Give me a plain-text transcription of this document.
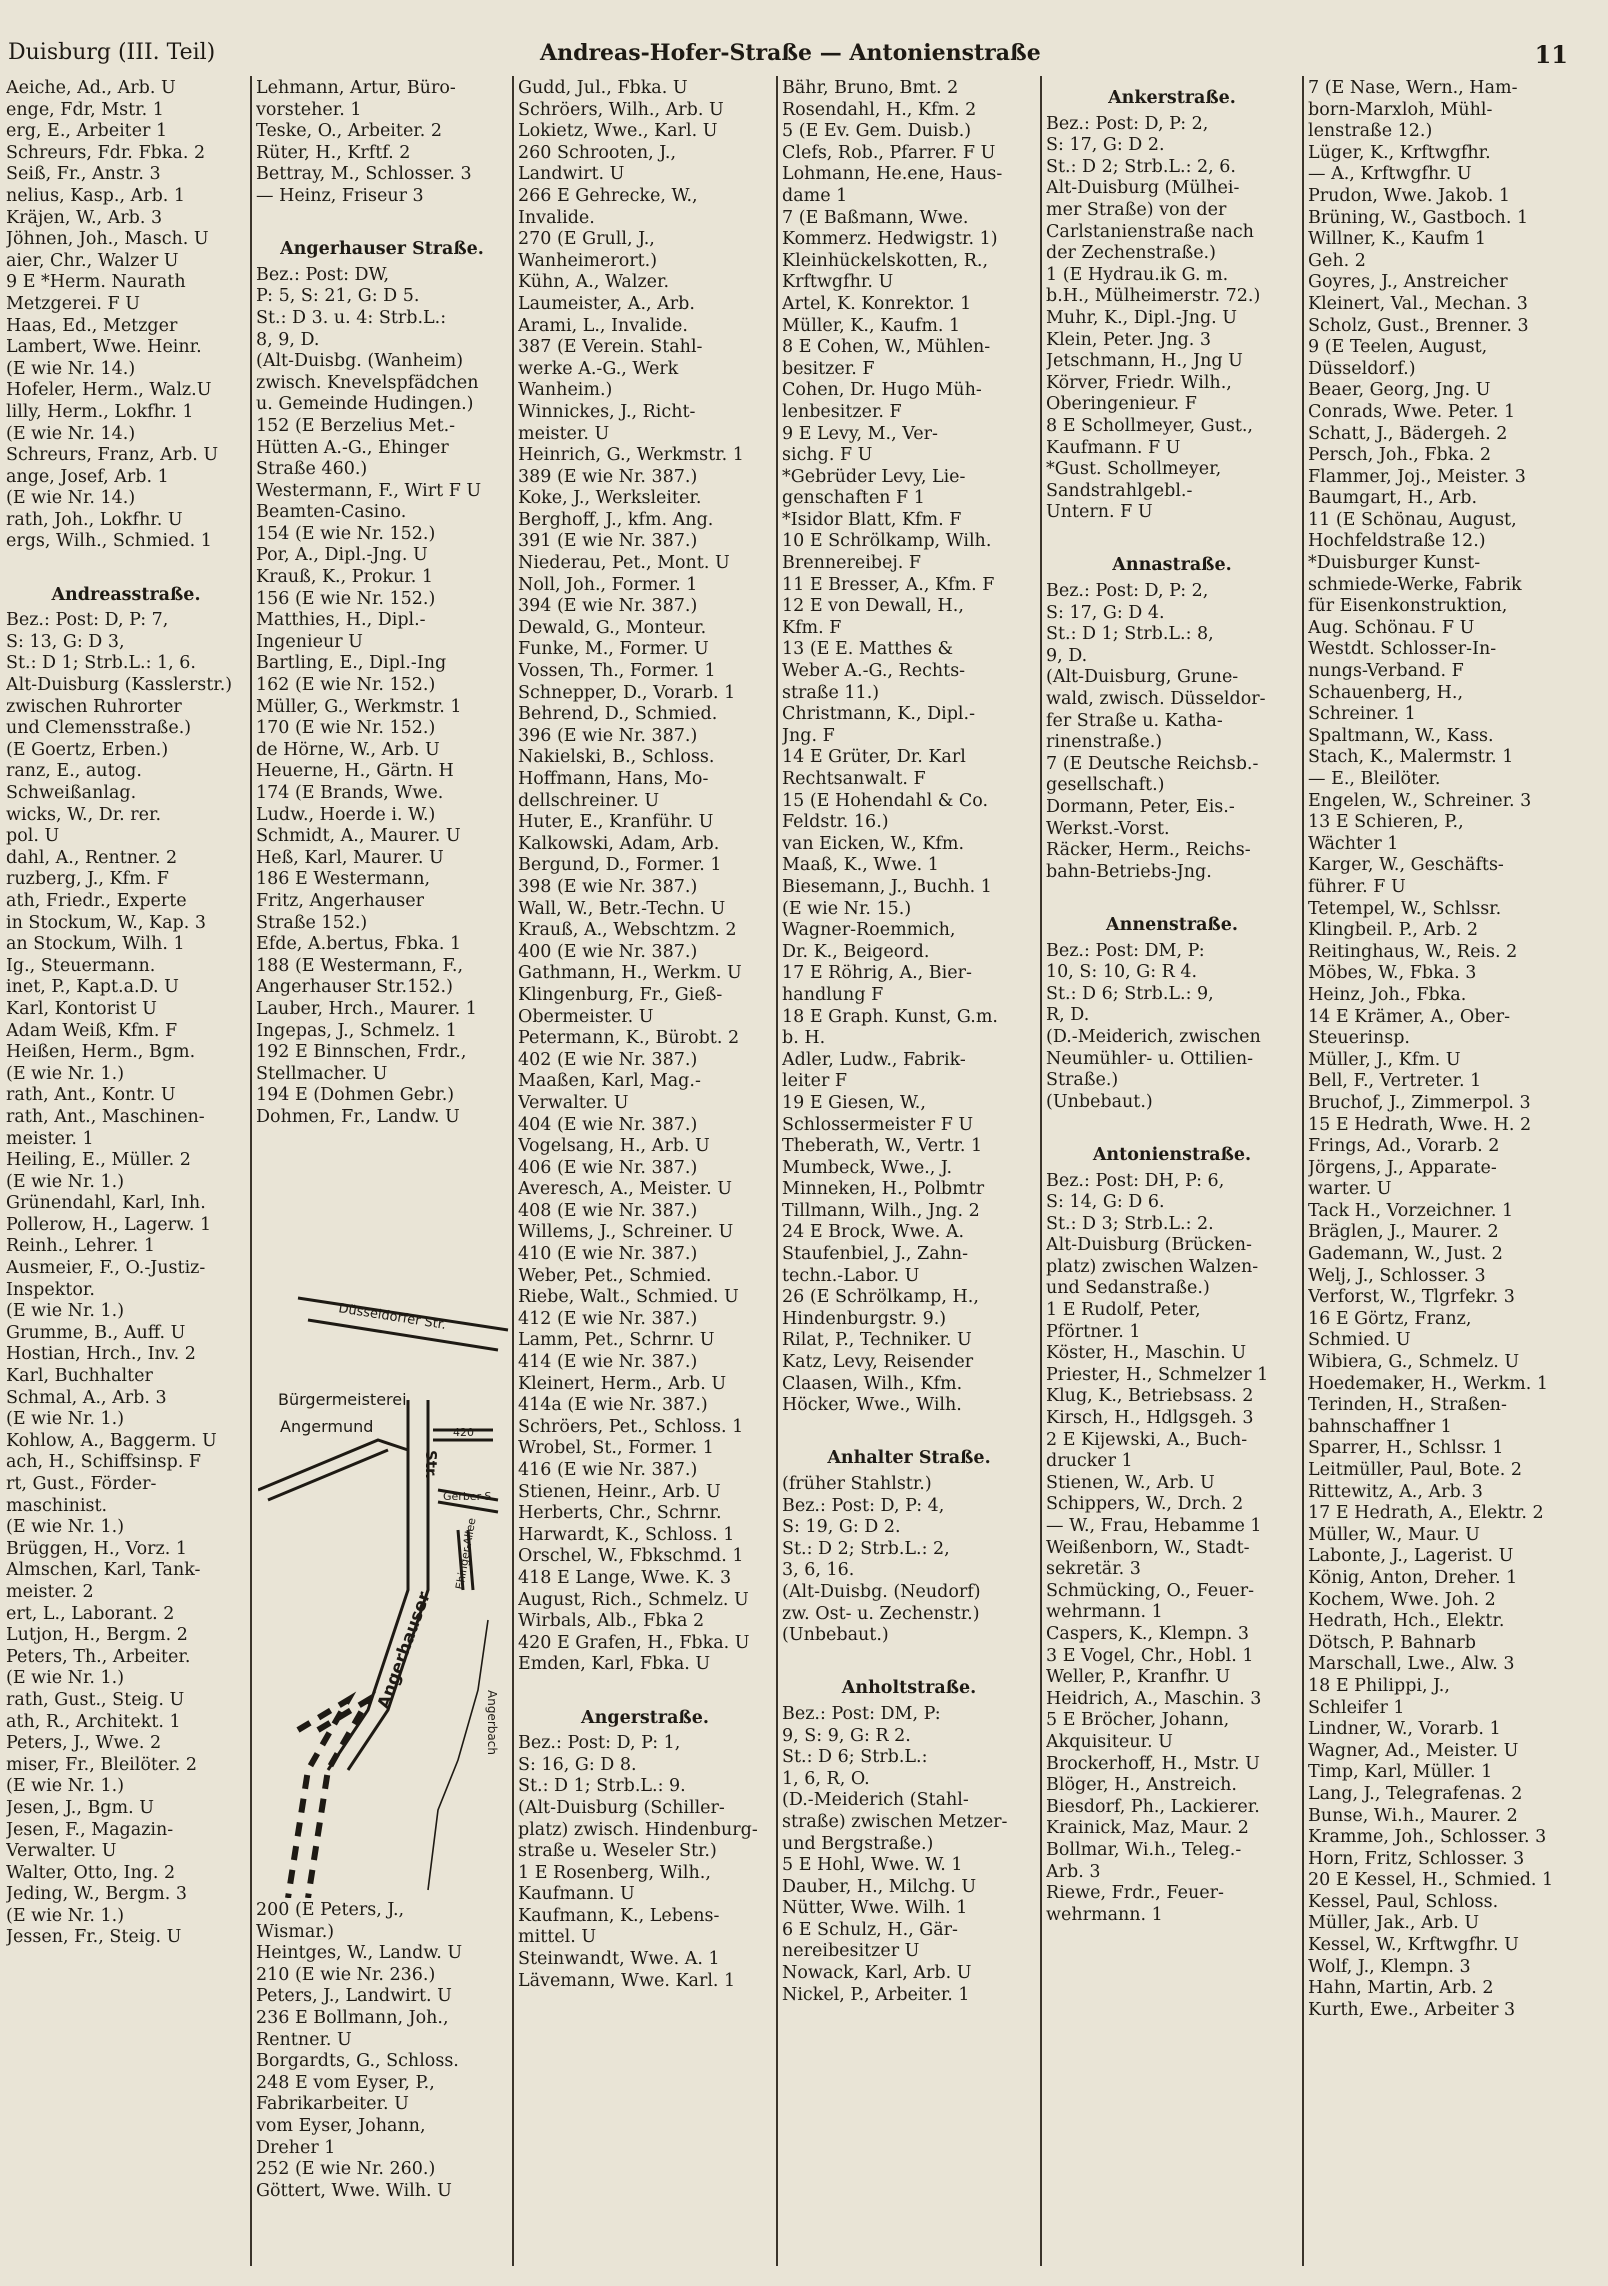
Duisburg (III. Teil)	Andreas-Hofer-Straße — Antonienstraße	11
Aeiche, Ad., Arb. U
enge, Fdr, Mstr. 1
erg, E., Arbeiter 1
Schreurs, Fdr. Fbka. 2
Seiß, Fr., Anstr. 3
nelius, Kasp., Arb. 1
Kräjen, W., Arb. 3
Jöhnen, Joh., Masch. U
aier, Chr., Walzer U
9 E *Herm. Naurath
Metzgerei. F U
Haas, Ed., Metzger
Lambert, Wwe. Heinr.
(E wie Nr. 14.)
Hofeler, Herm., Walz.U
lilly, Herm., Lokfhr. 1
(E wie Nr. 14.)
Schreurs, Franz, Arb. U
ange, Josef, Arb. 1
(E wie Nr. 14.)
rath, Joh., Lokfhr. U
ergs, Wilh., Schmied. 1

Andreasstraße.
Bez.: Post: D, P: 7,
S: 13, G: D 3,
St.: D 1; Strb.L.: 1, 6.
Alt-Duisburg (Kasslerstr.)
zwischen Ruhrorter
und Clemensstraße.)
(E Goertz, Erben.)
ranz, E., autog.
Schweißanlag.
wicks, W., Dr. rer.
pol. U
dahl, A., Rentner. 2
ruzberg, J., Kfm. F
ath, Friedr., Experte
in Stockum, W., Kap. 3
an Stockum, Wilh. 1
Ig., Steuermann.
inet, P., Kapt.a.D. U
Karl, Kontorist U
Adam Weiß, Kfm. F
Heißen, Herm., Bgm.
(E wie Nr. 1.)
rath, Ant., Kontr. U
rath, Ant., Maschinen-
meister. 1
Heiling, E., Müller. 2
(E wie Nr. 1.)
Grünendahl, Karl, Inh.
Pollerow, H., Lagerw. 1
Reinh., Lehrer. 1
Ausmeier, F., O.-Justiz-
Inspektor.
(E wie Nr. 1.)
Grumme, B., Auff. U
Hostian, Hrch., Inv. 2
Karl, Buchhalter
Schmal, A., Arb. 3
(E wie Nr. 1.)
Kohlow, A., Baggerm. U
ach, H., Schiffsinsp. F
rt, Gust., Förder-
maschinist.
(E wie Nr. 1.)
Brüggen, H., Vorz. 1
Almschen, Karl, Tank-
meister. 2
ert, L., Laborant. 2
Lutjon, H., Bergm. 2
Peters, Th., Arbeiter.
(E wie Nr. 1.)
rath, Gust., Steig. U
ath, R., Architekt. 1
Peters, J., Wwe. 2
miser, Fr., Bleilöter. 2
(E wie Nr. 1.)
Jesen, J., Bgm. U
Jesen, F., Magazin-
Verwalter. U
Walter, Otto, Ing. 2
Jeding, W., Bergm. 3
(E wie Nr. 1.)
Jessen, Fr., Steig. U
Lehmann, Artur, Büro-
vorsteher. 1
Teske, O., Arbeiter. 2
Rüter, H., Krftf. 2
Bettray, M., Schlosser. 3
— Heinz, Friseur 3

Angerhauser Straße.
Bez.: Post: DW,
P: 5, S: 21, G: D 5.
St.: D 3. u. 4: Strb.L.:
8, 9, D.
(Alt-Duisbg. (Wanheim)
zwisch. Knevelspfädchen
u. Gemeinde Hudingen.)
152 (E Berzelius Met.-
Hütten A.-G., Ehinger
Straße 460.)
Westermann, F., Wirt F U
Beamten-Casino.
154 (E wie Nr. 152.)
Por, A., Dipl.-Jng. U
Krauß, K., Prokur. 1
156 (E wie Nr. 152.)
Matthies, H., Dipl.-
Ingenieur U
Bartling, E., Dipl.-Ing
162 (E wie Nr. 152.)
Müller, G., Werkmstr. 1
170 (E wie Nr. 152.)
de Hörne, W., Arb. U
Heuerne, H., Gärtn. H
174 (E Brands, Wwe.
Ludw., Hoerde i. W.)
Schmidt, A., Maurer. U
Heß, Karl, Maurer. U
186 E Westermann,
Fritz, Angerhauser
Straße 152.)
Efde, A.bertus, Fbka. 1
188 (E Westermann, F.,
Angerhauser Str.152.)
Lauber, Hrch., Maurer. 1
Ingepas, J., Schmelz. 1
192 E Binnschen, Frdr.,
Stellmacher. U
194 E (Dohmen Gebr.)
Dohmen, Fr., Landw. U
Gudd, Jul., Fbka. U
Schröers, Wilh., Arb. U
Lokietz, Wwe., Karl. U
260 Schrooten, J.,
Landwirt. U
266 E Gehrecke, W.,
Invalide.
270 (E Grull, J.,
Wanheimerort.)
Kühn, A., Walzer.
Laumeister, A., Arb.
Arami, L., Invalide.
387 (E Verein. Stahl-
werke A.-G., Werk
Wanheim.)
Winnickes, J., Richt-
meister. U
Heinrich, G., Werkmstr. 1
389 (E wie Nr. 387.)
Koke, J., Werksleiter.
Berghoff, J., kfm. Ang.
391 (E wie Nr. 387.)
Niederau, Pet., Mont. U
Noll, Joh., Former. 1
394 (E wie Nr. 387.)
Dewald, G., Monteur.
Funke, M., Former. U
Vossen, Th., Former. 1
Schnepper, D., Vorarb. 1
Behrend, D., Schmied.
396 (E wie Nr. 387.)
Nakielski, B., Schloss.
Hoffmann, Hans, Mo-
dellschreiner. U
Huter, E., Kranführ. U
Kalkowski, Adam, Arb.
Bergund, D., Former. 1
398 (E wie Nr. 387.)
Wall, W., Betr.-Techn. U
Krauß, A., Webschtzm. 2
400 (E wie Nr. 387.)
Gathmann, H., Werkm. U
Klingenburg, Fr., Gieß-
Obermeister. U
Petermann, K., Bürobt. 2
402 (E wie Nr. 387.)
Maaßen, Karl, Mag.-
Verwalter. U
404 (E wie Nr. 387.)
Vogelsang, H., Arb. U
406 (E wie Nr. 387.)
Averesch, A., Meister. U
408 (E wie Nr. 387.)
Willems, J., Schreiner. U
410 (E wie Nr. 387.)
Weber, Pet., Schmied.
Riebe, Walt., Schmied. U
412 (E wie Nr. 387.)
Lamm, Pet., Schrnr. U
414 (E wie Nr. 387.)
Kleinert, Herm., Arb. U
414a (E wie Nr. 387.)
Schröers, Pet., Schloss. 1
Wrobel, St., Former. 1
416 (E wie Nr. 387.)
Stienen, Heinr., Arb. U
Herberts, Chr., Schrnr.
Harwardt, K., Schloss. 1
Orschel, W., Fbkschmd. 1
418 E Lange, Wwe. K. 3
August, Rich., Schmelz. U
Wirbals, Alb., Fbka 2
420 E Grafen, H., Fbka. U
Emden, Karl, Fbka. U

Angerstraße.
Bez.: Post: D, P: 1,
S: 16, G: D 8.
St.: D 1; Strb.L.: 9.
(Alt-Duisburg (Schiller-
platz) zwisch. Hindenburg-
straße u. Weseler Str.)
1 E Rosenberg, Wilh.,
Kaufmann. U
Kaufmann, K., Lebens-
mittel. U
Steinwandt, Wwe. A. 1
Lävemann, Wwe. Karl. 1
Bähr, Bruno, Bmt. 2
Rosendahl, H., Kfm. 2
5 (E Ev. Gem. Duisb.)
Clefs, Rob., Pfarrer. F U
Lohmann, He.ene, Haus-
dame 1
7 (E Baßmann, Wwe.
Kommerz. Hedwigstr. 1)
Kleinhückelskotten, R.,
Krftwgfhr. U
Artel, K. Konrektor. 1
Müller, K., Kaufm. 1
8 E Cohen, W., Mühlen-
besitzer. F
Cohen, Dr. Hugo Müh-
lenbesitzer. F
9 E Levy, M., Ver-
sichg. F U
*Gebrüder Levy, Lie-
genschaften F 1
*Isidor Blatt, Kfm. F
10 E Schrölkamp, Wilh.
Brennereibej. F
11 E Bresser, A., Kfm. F
12 E von Dewall, H.,
Kfm. F
13 (E E. Matthes &
Weber A.-G., Rechts-
straße 11.)
Christmann, K., Dipl.-
Jng. F
14 E Grüter, Dr. Karl
Rechtsanwalt. F
15 (E Hohendahl & Co.
Feldstr. 16.)
van Eicken, W., Kfm.
Maaß, K., Wwe. 1
Biesemann, J., Buchh. 1
(E wie Nr. 15.)
Wagner-Roemmich,
Dr. K., Beigeord.
17 E Röhrig, A., Bier-
handlung F
18 E Graph. Kunst, G.m.
b. H.
Adler, Ludw., Fabrik-
leiter F
19 E Giesen, W.,
Schlossermeister F U
Theberath, W., Vertr. 1
Mumbeck, Wwe., J.
Minneken, H., Polbmtr
Tillmann, Wilh., Jng. 2
24 E Brock, Wwe. A.
Staufenbiel, J., Zahn-
techn.-Labor. U
26 (E Schrölkamp, H.,
Hindenburgstr. 9.)
Rilat, P., Techniker. U
Katz, Levy, Reisender
Claasen, Wilh., Kfm.
Höcker, Wwe., Wilh.

Anhalter Straße.
(früher Stahlstr.)
Bez.: Post: D, P: 4,
S: 19, G: D 2.
St.: D 2; Strb.L.: 2,
3, 6, 16.
(Alt-Duisbg. (Neudorf)
zw. Ost- u. Zechenstr.)
(Unbebaut.)

Anholtstraße.
Bez.: Post: DM, P:
9, S: 9, G: R 2.
St.: D 6; Strb.L.:
1, 6, R, O.
(D.-Meiderich (Stahl-
straße) zwischen Metzer-
und Bergstraße.)
5 E Hohl, Wwe. W. 1
Dauber, H., Milchg. U
Nütter, Wwe. Wilh. 1
6 E Schulz, H., Gär-
nereibesitzer U
Nowack, Karl, Arb. U
Nickel, P., Arbeiter. 1
Ankerstraße.
Bez.: Post: D, P: 2,
S: 17, G: D 2.
St.: D 2; Strb.L.: 2, 6.
Alt-Duisburg (Mülhei-
mer Straße) von der
Carlstanienstraße nach
der Zechenstraße.)
1 (E Hydrau.ik G. m.
b.H., Mülheimerstr. 72.)
Muhr, K., Dipl.-Jng. U
Klein, Peter. Jng. 3
Jetschmann, H., Jng U
Körver, Friedr. Wilh.,
Oberingenieur. F
8 E Schollmeyer, Gust.,
Kaufmann. F U
*Gust. Schollmeyer,
Sandstrahlgebl.-
Untern. F U

Annastraße.
Bez.: Post: D, P: 2,
S: 17, G: D 4.
St.: D 1; Strb.L.: 8,
9, D.
(Alt-Duisburg, Grune-
wald, zwisch. Düsseldor-
fer Straße u. Katha-
rinenstraße.)
7 (E Deutsche Reichsb.-
gesellschaft.)
Dormann, Peter, Eis.-
Werkst.-Vorst.
Räcker, Herm., Reichs-
bahn-Betriebs-Jng.

Annenstraße.
Bez.: Post: DM, P:
10, S: 10, G: R 4.
St.: D 6; Strb.L.: 9,
R, D.
(D.-Meiderich, zwischen
Neumühler- u. Ottilien-
Straße.)
(Unbebaut.)

Antonienstraße.
Bez.: Post: DH, P: 6,
S: 14, G: D 6.
St.: D 3; Strb.L.: 2.
Alt-Duisburg (Brücken-
platz) zwischen Walzen-
und Sedanstraße.)
1 E Rudolf, Peter,
Pförtner. 1
Köster, H., Maschin. U
Priester, H., Schmelzer 1
Klug, K., Betriebsass. 2
Kirsch, H., Hdlgsgeh. 3
2 E Kijewski, A., Buch-
drucker 1
Stienen, W., Arb. U
Schippers, W., Drch. 2
— W., Frau, Hebamme 1
Weißenborn, W., Stadt-
sekretär. 3
Schmücking, O., Feuer-
wehrmann. 1
Caspers, K., Klempn. 3
3 E Vogel, Chr., Hobl. 1
Weller, P., Kranfhr. U
Heidrich, A., Maschin. 3
5 E Bröcher, Johann,
Akquisiteur. U
Brockerhoff, H., Mstr. U
Blöger, H., Anstreich.
Biesdorf, Ph., Lackierer.
Krainick, Maz, Maur. 2
Bollmar, Wi.h., Teleg.-
Arb. 3
Riewe, Frdr., Feuer-
wehrmann. 1
7 (E Nase, Wern., Ham-
born-Marxloh, Mühl-
lenstraße 12.)
Lüger, K., Krftwgfhr.
— A., Krftwgfhr. U
Prudon, Wwe. Jakob. 1
Brüning, W., Gastboch. 1
Willner, K., Kaufm 1
Geh. 2
Goyres, J., Anstreicher
Kleinert, Val., Mechan. 3
Scholz, Gust., Brenner. 3
9 (E Teelen, August,
Düsseldorf.)
Beaer, Georg, Jng. U
Conrads, Wwe. Peter. 1
Schatt, J., Bädergeh. 2
Persch, Joh., Fbka. 2
Flammer, Joj., Meister. 3
Baumgart, H., Arb.
11 (E Schönau, August,
Hochfeldstraße 12.)
*Duisburger Kunst-
schmiede-Werke, Fabrik
für Eisenkonstruktion,
Aug. Schönau. F U
Westdt. Schlosser-In-
nungs-Verband. F
Schauenberg, H.,
Schreiner. 1
Spaltmann, W., Kass.
Stach, K., Malermstr. 1
— E., Bleilöter.
Engelen, W., Schreiner. 3
13 E Schieren, P.,
Wächter 1
Karger, W., Geschäfts-
führer. F U
Tetempel, W., Schlssr.
Klingbeil. P., Arb. 2
Reitinghaus, W., Reis. 2
Möbes, W., Fbka. 3
Heinz, Joh., Fbka.
14 E Krämer, A., Ober-
Steuerinsp.
Müller, J., Kfm. U
Bell, F., Vertreter. 1
Bruchof, J., Zimmerpol. 3
15 E Hedrath, Wwe. H. 2
Frings, Ad., Vorarb. 2
Jörgens, J., Apparate-
warter. U
Tack H., Vorzeichner. 1
Bräglen, J., Maurer. 2
Gademann, W., Just. 2
Welj, J., Schlosser. 3
Verforst, W., Tlgrfekr. 3
16 E Görtz, Franz,
Schmied. U
Wibiera, G., Schmelz. U
Hoedemaker, H., Werkm. 1
Terinden, H., Straßen-
bahnschaffner 1
Sparrer, H., Schlssr. 1
Leitmüller, Paul, Bote. 2
Rittewitz, A., Arb. 3
17 E Hedrath, A., Elektr. 2
Müller, W., Maur. U
Labonte, J., Lagerist. U
König, Anton, Dreher. 1
Kochem, Wwe. Joh. 2
Hedrath, Hch., Elektr.
Dötsch, P. Bahnarb
Marschall, Lwe., Alw. 3
18 E Philippi, J.,
Schleifer 1
Lindner, W., Vorarb. 1
Wagner, Ad., Meister. U
Timp, Karl, Müller. 1
Lang, J., Telegrafenas. 2
Bunse, Wi.h., Maurer. 2
Kramme, Joh., Schlosser. 3
Horn, Fritz, Schlosser. 3
20 E Kessel, H., Schmied. 1
Kessel, Paul, Schloss.
Müller, Jak., Arb. U
Kessel, W., Krftwgfhr. U
Wolf, J., Klempn. 3
Hahn, Martin, Arb. 2
Kurth, Ewe., Arbeiter 3
Düsseldorfer Str.
Bürgermeisterei
Angermund	420
Gerber-S
Ehinger-Allee
Angerhauser
Str.
Angerbach
200 (E Peters, J.,
Wismar.)
Heintges, W., Landw. U
210 (E wie Nr. 236.)
Peters, J., Landwirt. U
236 E Bollmann, Joh.,
Rentner. U
Borgardts, G., Schloss.
248 E vom Eyser, P.,
Fabrikarbeiter. U
vom Eyser, Johann,
Dreher 1
252 (E wie Nr. 260.)
Göttert, Wwe. Wilh. U
